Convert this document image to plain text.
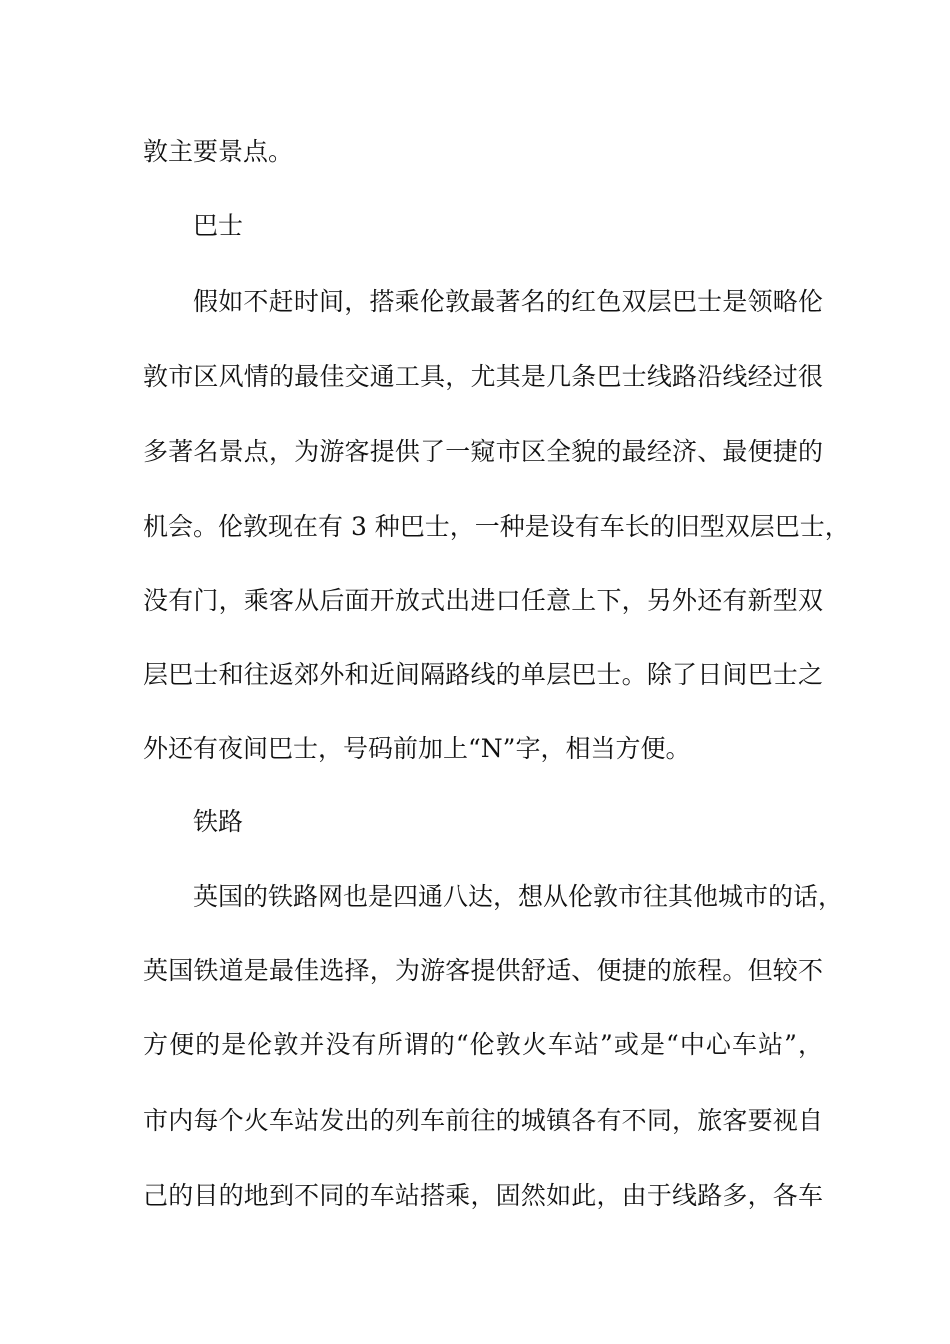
敦主要景点。
巴士
假如不赶时间，搭乘伦敦最著名的红色双层巴士是领略伦
敦市区风情的最佳交通工具，尤其是几条巴士线路沿线经过很
多著名景点，为游客提供了一窥市区全貌的最经济、最便捷的
机会。伦敦现在有 3 种巴士，一种是设有车长的旧型双层巴士，
没有门，乘客从后面开放式出进口任意上下，另外还有新型双
层巴士和往返郊外和近间隔路线的单层巴士。除了日间巴士之
外还有夜间巴士，号码前加上“N”字，相当方便。
铁路
英国的铁路网也是四通八达，想从伦敦市往其他城市的话，
英国铁道是最佳选择，为游客提供舒适、便捷的旅程。但较不
方便的是伦敦并没有所谓的“伦敦火车站”或是“中心车站”，
市内每个火车站发出的列车前往的城镇各有不同，旅客要视自
己的目的地到不同的车站搭乘，固然如此，由于线路多，各车
